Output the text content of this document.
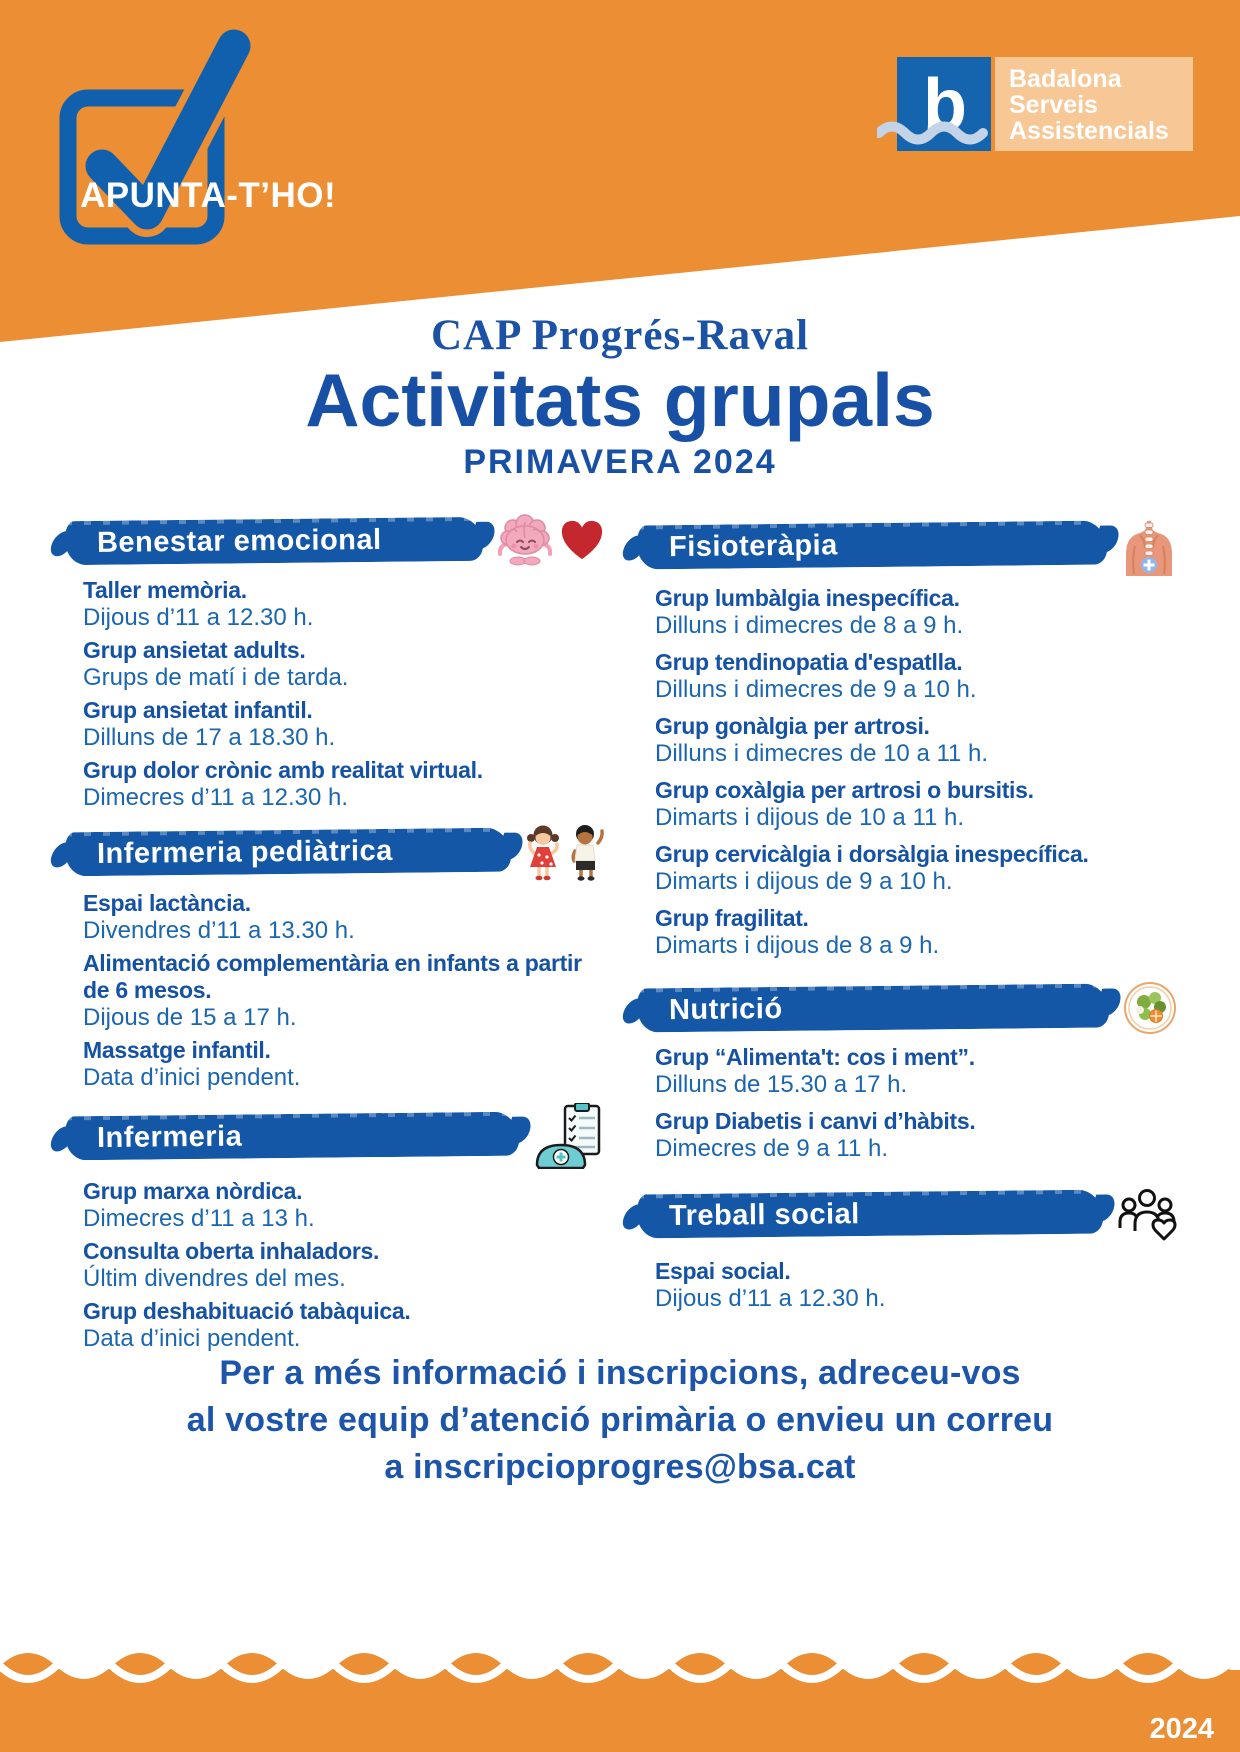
APUNTA-T’HO!
b Badalona
Serveis
Assistencials
CAP Progrés-Raval
Activitats grupals
PRIMAVERA 2024
Benestar emocional
Taller memòria.
Dijous d’11 a 12.30 h.
Grup ansietat adults.
Grups de matí i de tarda.
Grup ansietat infantil.
Dilluns de 17 a 18.30 h.
Grup dolor crònic amb realitat virtual.
Dimecres d’11 a 12.30 h.
Infermeria pediàtrica
Espai lactància.
Divendres d’11 a 13.30 h.
Alimentació complementària en infants a partir de 6 mesos.
Dijous de 15 a 17 h.
Massatge infantil.
Data d’inici pendent.
Infermeria
Grup marxa nòrdica.
Dimecres d’11 a 13 h.
Consulta oberta inhaladors.
Últim divendres del mes.
Grup deshabituació tabàquica.
Data d’inici pendent.
Fisioteràpia
Grup lumbàlgia inespecífica.
Dilluns i dimecres de 8 a 9 h.
Grup tendinopatia d'espatlla.
Dilluns i dimecres de 9 a 10 h.
Grup gonàlgia per artrosi.
Dilluns i dimecres de 10 a 11 h.
Grup coxàlgia per artrosi o bursitis.
Dimarts i dijous de 10 a 11 h.
Grup cervicàlgia i dorsàlgia inespecífica.
Dimarts i dijous de 9 a 10 h.
Grup fragilitat.
Dimarts i dijous de 8 a 9 h.
Nutrició
Grup “Alimenta't: cos i ment”.
Dilluns de 15.30 a 17 h.
Grup Diabetis i canvi d’hàbits.
Dimecres de 9 a 11 h.
Treball social
Espai social.
Dijous d’11 a 12.30 h.
Per a més informació i inscripcions, adreceu-vos
al vostre equip d’atenció primària o envieu un correu
a inscripcioprogres@bsa.cat
2024
